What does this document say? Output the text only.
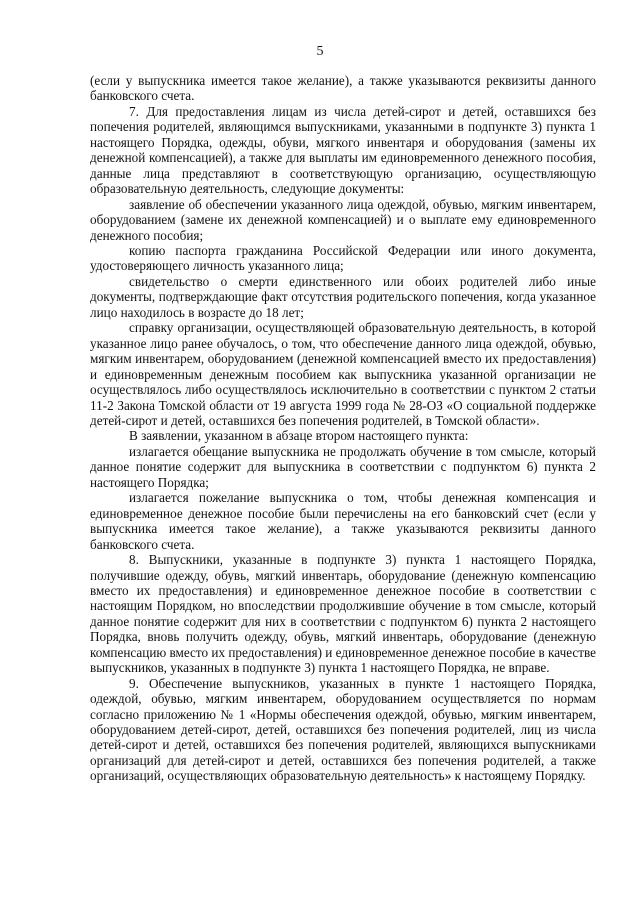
5

(если у выпускника имеется такое желание), а также указываются реквизиты данного банковского счета.

7. Для предоставления лицам из числа детей-сирот и детей, оставшихся без попечения родителей, являющимся выпускниками, указанными в подпункте 3) пункта 1 настоящего Порядка, одежды, обуви, мягкого инвентаря и оборудования (замены их денежной компенсацией), а также для выплаты им единовременного денежного пособия, данные лица представляют в соответствующую организацию, осуществляющую образовательную деятельность, следующие документы:

заявление об обеспечении указанного лица одеждой, обувью, мягким инвентарем, оборудованием (замене их денежной компенсацией) и о выплате ему единовременного денежного пособия;

копию паспорта гражданина Российской Федерации или иного документа, удостоверяющего личность указанного лица;

свидетельство о смерти единственного или обоих родителей либо иные документы, подтверждающие факт отсутствия родительского попечения, когда указанное лицо находилось в возрасте до 18 лет;

справку организации, осуществляющей образовательную деятельность, в которой указанное лицо ранее обучалось, о том, что обеспечение данного лица одеждой, обувью, мягким инвентарем, оборудованием (денежной компенсацией вместо их предоставления) и единовременным денежным пособием как выпускника указанной организации не осуществлялось либо осуществлялось исключительно в соответствии с пунктом 2 статьи 11-2 Закона Томской области от 19 августа 1999 года № 28-ОЗ «О социальной поддержке детей-сирот и детей, оставшихся без попечения родителей, в Томской области».

В заявлении, указанном в абзаце втором настоящего пункта:

излагается обещание выпускника не продолжать обучение в том смысле, который данное понятие содержит для выпускника в соответствии с подпунктом 6) пункта 2 настоящего Порядка;

излагается пожелание выпускника о том, чтобы денежная компенсация и единовременное денежное пособие были перечислены на его банковский счет (если у выпускника имеется такое желание), а также указываются реквизиты данного банковского счета.

8. Выпускники, указанные в подпункте 3) пункта 1 настоящего Порядка, получившие одежду, обувь, мягкий инвентарь, оборудование (денежную компенсацию вместо их предоставления) и единовременное денежное пособие в соответствии с настоящим Порядком, но впоследствии продолжившие обучение в том смысле, который данное понятие содержит для них в соответствии с подпунктом 6) пункта 2 настоящего Порядка, вновь получить одежду, обувь, мягкий инвентарь, оборудование (денежную компенсацию вместо их предоставления) и единовременное денежное пособие в качестве выпускников, указанных в подпункте 3) пункта 1 настоящего Порядка, не вправе.

9. Обеспечение выпускников, указанных в пункте 1 настоящего Порядка, одеждой, обувью, мягким инвентарем, оборудованием осуществляется по нормам согласно приложению № 1 «Нормы обеспечения одеждой, обувью, мягким инвентарем, оборудованием детей-сирот, детей, оставшихся без попечения родителей, лиц из числа детей-сирот и детей, оставшихся без попечения родителей, являющихся выпускниками организаций для детей-сирот и детей, оставшихся без попечения родителей, а также организаций, осуществляющих образовательную деятельность» к настоящему Порядку.
